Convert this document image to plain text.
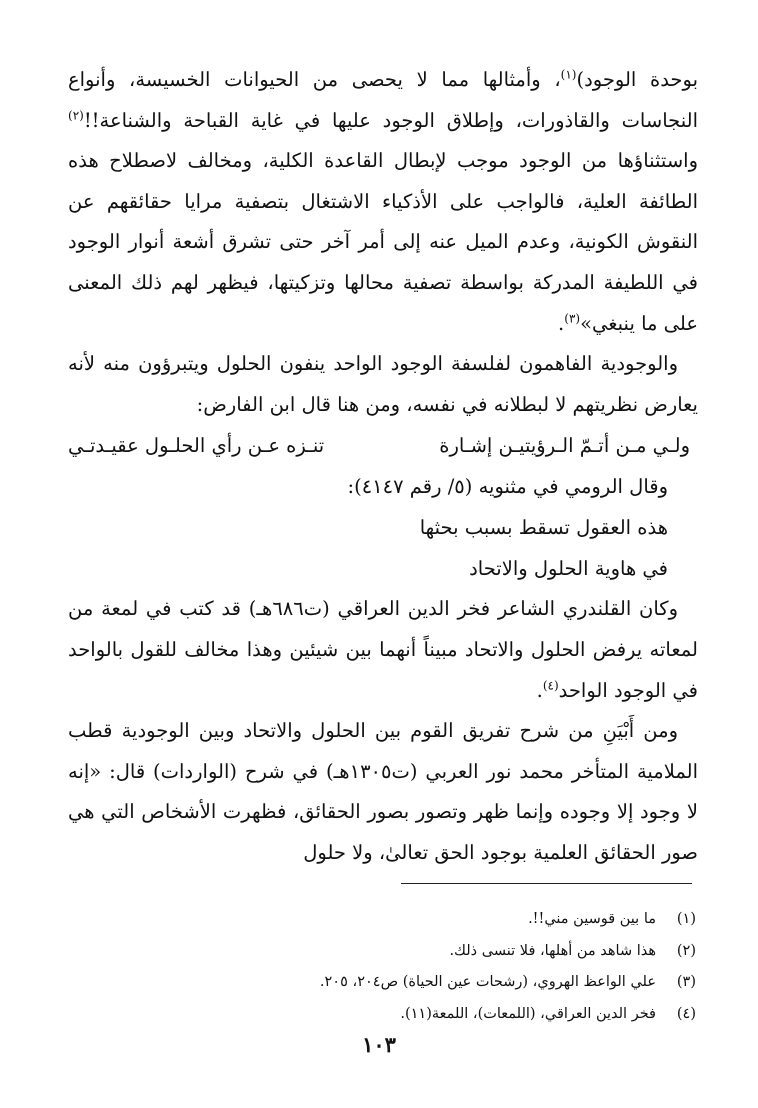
بوحدة الوجود)$^{(١)}$، وأمثالها مما لا يحصى من الحيوانات الخسيسة، وأنواع النجاسات والقاذورات، وإطلاق الوجود عليها في غاية القباحة والشناعة!!$^{(٢)}$ واستثناؤها من الوجود موجب لإبطال القاعدة الكلية، ومخالف لاصطلاح هذه الطائفة العلية، فالواجب على الأذكياء الاشتغال بتصفية مرايا حقائقهم عن النقوش الكونية، وعدم الميل عنه إلى أمر آخر حتى تشرق أشعة أنوار الوجود في اللطيفة المدركة بواسطة تصفية محالها وتزكيتها، فيظهر لهم ذلك المعنى على ما ينبغي»$^{(٣)}$.

والوجودية الفاهمون لفلسفة الوجود الواحد ينفون الحلول ويتبرؤون منه لأنه يعارض نظريتهم لا لبطلانه في نفسه، ومن هنا قال ابن الفارض:

ولـي مـن أتـمّ الـرؤيتيـن إشـارة
تنـزه عـن رأي الحلـول عقيـدتـي
وقال الرومي في مثنويه (٥/ رقم ٤١٤٧):
هذه العقول تسقط بسبب بحثها
في هاوية الحلول والاتحاد

وكان القلندري الشاعر فخر الدين العراقي (ت٦٨٦هـ) قد كتب في لمعة من لمعاته يرفض الحلول والاتحاد مبيناً أنهما بين شيئين وهذا مخالف للقول بالواحد في الوجود الواحد$^{(٤)}$.

ومن أَبْيَنِ من شرح تفريق القوم بين الحلول والاتحاد وبين الوجودية قطب الملامية المتأخر محمد نور العربي (ت١٣٠٥هـ) في شرح (الواردات) قال: «إنه لا وجود إلا وجوده وإنما ظهر وتصور بصور الحقائق، فظهرت الأشخاص التي هي صور الحقائق العلمية بوجود الحق تعالىٰ، ولا حلول

(١)
ما بين قوسين مني!!.
(٢)
هذا شاهد من أهلها، فلا تنسى ذلك.
(٣)
علي الواعظ الهروي، (رشحات عين الحياة) ص٢٠٤، ٢٠٥.
(٤)
فخر الدين العراقي، (اللمعات)، اللمعة(١١).
١٠٣
